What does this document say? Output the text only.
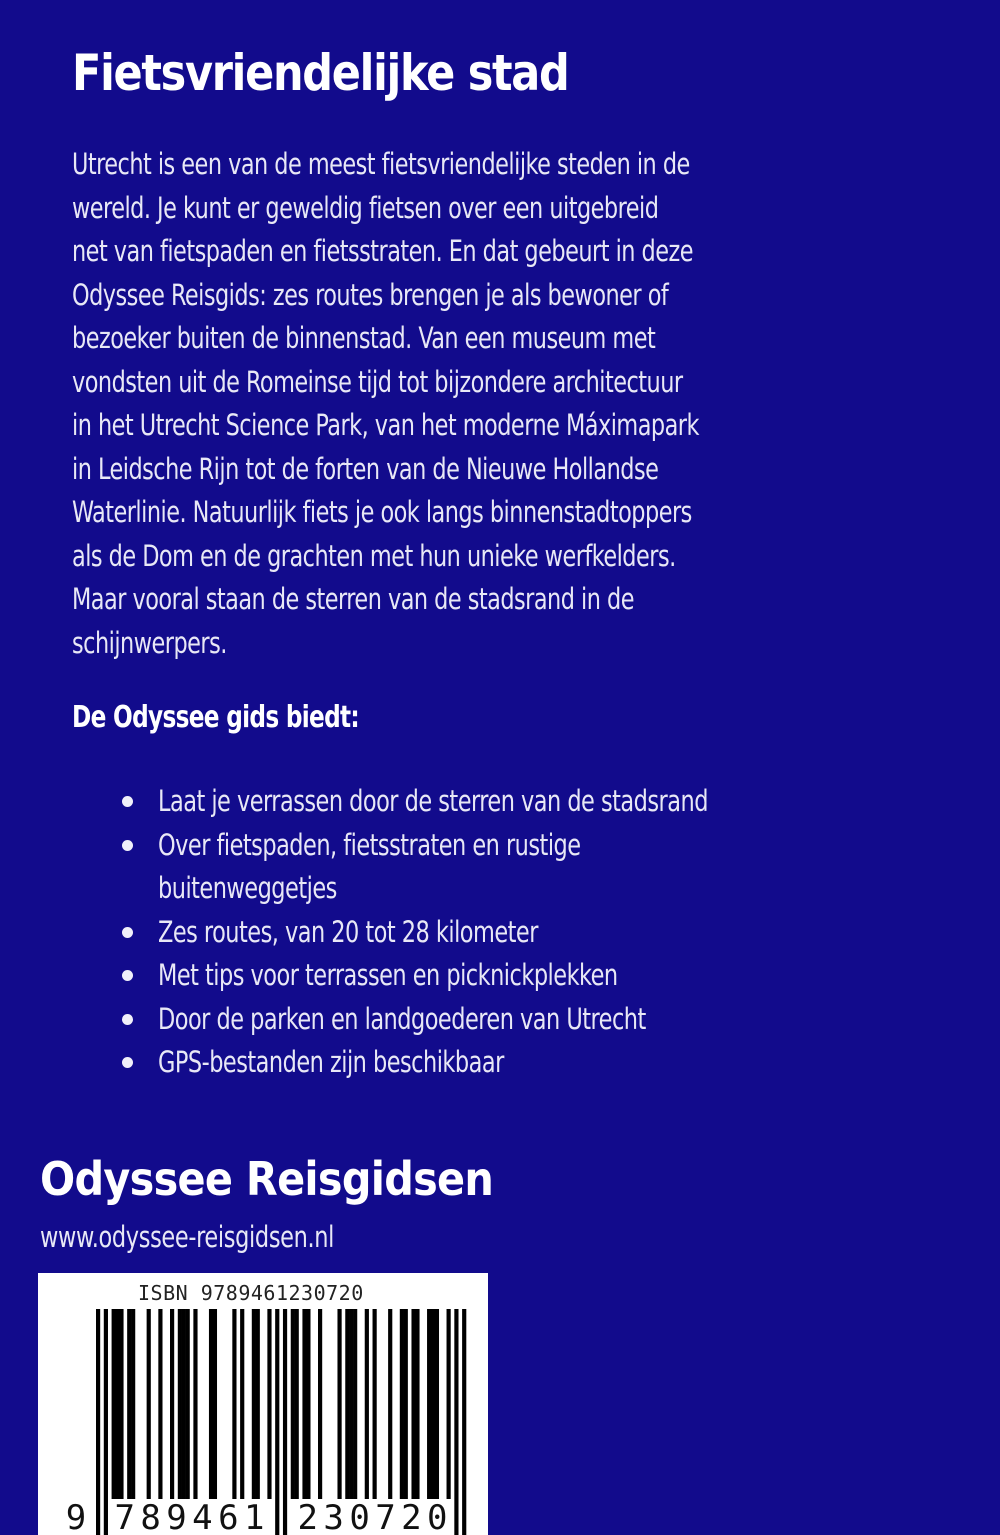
Fietsvriendelijke stad
Utrecht is een van de meest fietsvriendelijke steden in de
wereld. Je kunt er geweldig fietsen over een uitgebreid
net van fietspaden en fietsstraten. En dat gebeurt in deze
Odyssee Reisgids: zes routes brengen je als bewoner of
bezoeker buiten de binnenstad. Van een museum met
vondsten uit de Romeinse tijd tot bijzondere architectuur
in het Utrecht Science Park, van het moderne Máximapark
in Leidsche Rijn tot de forten van de Nieuwe Hollandse
Waterlinie. Natuurlijk fiets je ook langs binnenstadtoppers
als de Dom en de grachten met hun unieke werfkelders.
Maar vooral staan de sterren van de stadsrand in de
schijnwerpers.
De Odyssee gids biedt:
Laat je verrassen door de sterren van de stadsrand
Over fietspaden, fietsstraten en rustige
buitenweggetjes
Zes routes, van 20 tot 28 kilometer
Met tips voor terrassen en picknickplekken
Door de parken en landgoederen van Utrecht
GPS-bestanden zijn beschikbaar
Odyssee Reisgidsen
www.odyssee-reisgidsen.nl
ISBN 9789461230720
9 789461 230720
